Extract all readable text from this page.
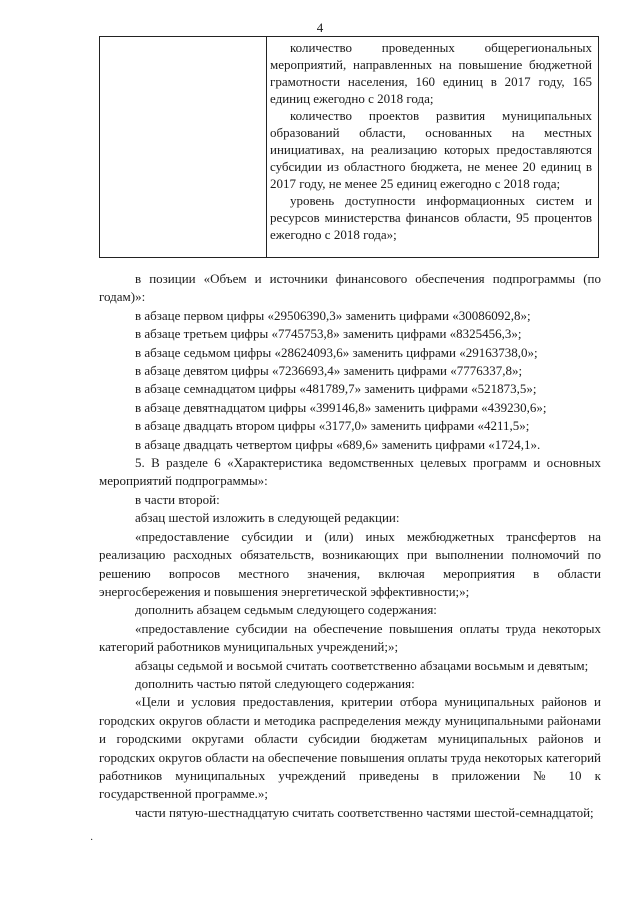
4

количество проведенных общерегиональных мероприятий, направленных на повышение бюджетной грамотности населения, 160 единиц в 2017 году, 165 единиц ежегодно с 2018 года;

количество проектов развития муниципальных образований области, основанных на местных инициативах, на реализацию которых предоставляются субсидии из областного бюджета, не менее 20 единиц в 2017 году, не менее 25 единиц ежегодно с 2018 года;

уровень доступности информационных систем и ресурсов министерства финансов области, 95 процентов ежегодно с 2018 года»;

в позиции «Объем и источники финансового обеспечения подпрограммы (по годам)»:

в абзаце первом цифры «29506390,3» заменить цифрами «30086092,8»;

в абзаце третьем цифры «7745753,8» заменить цифрами «8325456,3»;

в абзаце седьмом цифры «28624093,6» заменить цифрами «29163738,0»;

в абзаце девятом цифры «7236693,4» заменить цифрами «7776337,8»;

в абзаце семнадцатом цифры «481789,7» заменить цифрами «521873,5»;

в абзаце девятнадцатом цифры «399146,8» заменить цифрами «439230,6»;

в абзаце двадцать втором цифры «3177,0» заменить цифрами «4211,5»;

в абзаце двадцать четвертом цифры «689,6» заменить цифрами «1724,1».

5. В разделе 6 «Характеристика ведомственных целевых программ и основных мероприятий подпрограммы»:

в части второй:

абзац шестой изложить в следующей редакции:

«предоставление субсидии и (или) иных межбюджетных трансфертов на реализацию расходных обязательств, возникающих при выполнении полномочий по решению вопросов местного значения, включая мероприятия в области энергосбережения и повышения энергетической эффективности;»;

дополнить абзацем седьмым следующего содержания:

«предоставление субсидии на обеспечение повышения оплаты труда некоторых категорий работников муниципальных учреждений;»;

абзацы седьмой и восьмой считать соответственно абзацами восьмым и девятым;

дополнить частью пятой следующего содержания:

«Цели и условия предоставления, критерии отбора муниципальных районов и городских округов области и методика распределения между муниципальными районами и городскими округами области субсидии бюджетам муниципальных районов и городских округов области на обеспечение повышения оплаты труда некоторых категорий работников муниципальных учреждений приведены в приложении № 10 к государственной программе.»;

части пятую-шестнадцатую считать соответственно частями шестой-семнадцатой;

·
